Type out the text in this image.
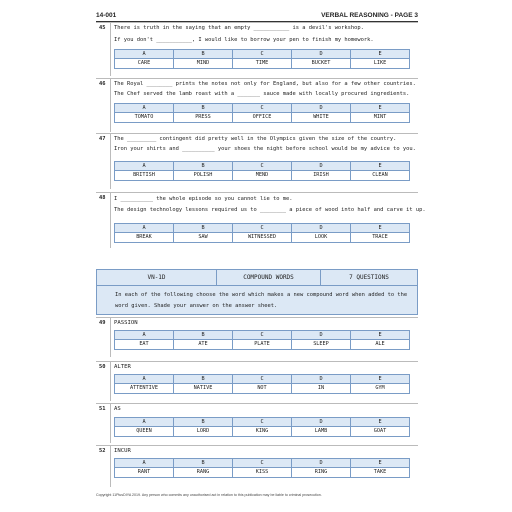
14-001	VERBAL REASONING - PAGE 3
45 There is truth in the saying that an empty ___________ is a devil's workshop.
If you don't ___________, I would like to borrow your pen to finish my homework.
A	B	C	D	E
CARE	MIND	TIME	BUCKET	LIKE
46 The Royal ________ prints the notes not only for England, but also for a few other countries.
The Chef served the lamb roast with a _______ sauce made with locally procured ingredients.
A	B	C	D	E
TOMATO	PRESS	OFFICE	WHITE	MINT
47 The _________ contingent did pretty well in the Olympics given the size of the country.
Iron your shirts and __________ your shoes the night before school would be my advice to you.
A	B	C	D	E
BRITISH	POLISH	MEND	IRISH	CLEAN
48 I __________ the whole episode so you cannot lie to me.
The design technology lessons required us to ________ a piece of wood into half and carve it up.
A	B	C	D	E
BREAK	SAW	WITNESSED	LOOK	TRACE
VN-1D	COMPOUND WORDS	7 QUESTIONS
In each of the following choose the word which makes a new compound word when added to the
word given. Shade your answer on the answer sheet.
49 PASSION
A	B	C	D	E
EAT	ATE	PLATE	SLEEP	ALE
50 ALTER
A	B	C	D	E
ATTENTIVE	NATIVE	NOT	IN	GYM
51 AS
A	B	C	D	E
QUEEN	LORD	KING	LAMB	GOAT
52 INCUR
A	B	C	D	E
RANT	RANG	KISS	RING	TAKE
Copyright 11PlusDIYA 2019. Any person who commits any unauthorised act in relation to this publication may be liable to criminal prosecution.
